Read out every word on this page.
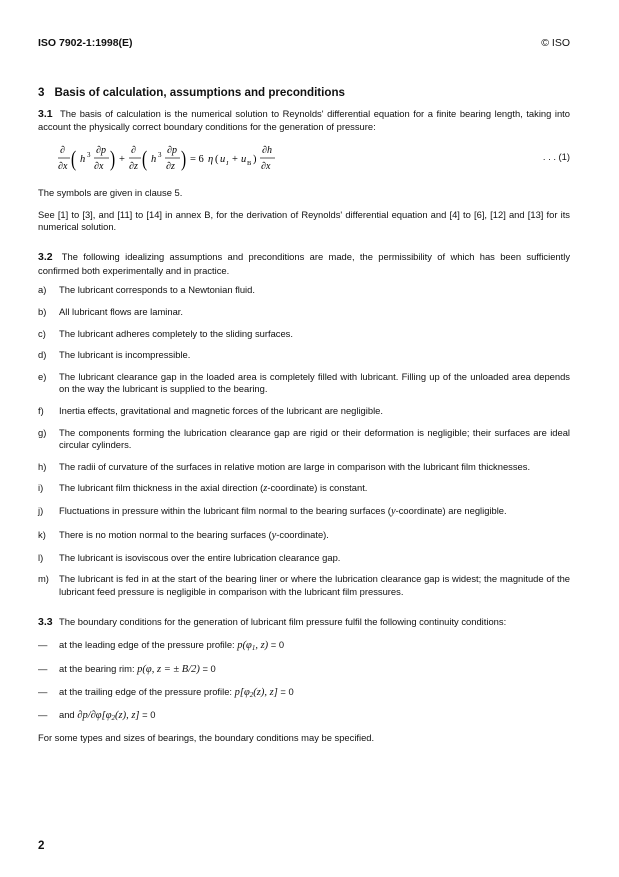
ISO 7902-1:1998(E)	© ISO
3 Basis of calculation, assumptions and preconditions

3.1 The basis of calculation is the numerical solution to Reynolds' differential equation for a finite bearing length, taking into account the physically correct boundary conditions for the generation of pressure:

∂
∂x ( h 3 ∂p
∂x ) +
∂
∂z ( h 3 ∂p
∂z ) = 6 η ( u J + u B )
∂h
∂x
. . . (1)

The symbols are given in clause 5.

See [1] to [3], and [11] to [14] in annex B, for the derivation of Reynolds' differential equation and [4] to [6], [12] and [13] for its numerical solution.

3.2 The following idealizing assumptions and preconditions are made, the permissibility of which has been sufficiently confirmed both experimentally and in practice.

a)	The lubricant corresponds to a Newtonian fluid.
b)	All lubricant flows are laminar.
c)	The lubricant adheres completely to the sliding surfaces.
d)	The lubricant is incompressible.
e)	The lubricant clearance gap in the loaded area is completely filled with lubricant. Filling up of the unloaded area depends on the way the lubricant is supplied to the bearing.
f)	Inertia effects, gravitational and magnetic forces of the lubricant are negligible.
g)	The components forming the lubrication clearance gap are rigid or their deformation is negligible; their surfaces are ideal circular cylinders.
h)	The radii of curvature of the surfaces in relative motion are large in comparison with the lubricant film thicknesses.
i)	The lubricant film thickness in the axial direction (z-coordinate) is constant.
j)	Fluctuations in pressure within the lubricant film normal to the bearing surfaces (y-coordinate) are negligible.
k)	There is no motion normal to the bearing surfaces (y-coordinate).
l)	The lubricant is isoviscous over the entire lubrication clearance gap.
m)	The lubricant is fed in at the start of the bearing liner or where the lubrication clearance gap is widest; the magnitude of the lubricant feed pressure is negligible in comparison with the lubricant film pressures.

3.3 The boundary conditions for the generation of lubricant film pressure fulfil the following continuity conditions:

—	at the leading edge of the pressure profile: $p(\varphi_1$, z) = 0
—	at the bearing rim: p(φ, z = ± B/2) = 0
—	at the trailing edge of the pressure profile: $p[\varphi_2(z)$, z] = 0
—	and $\partial p/\partial\varphi[\varphi_2(z)$, z] = 0

For some types and sizes of bearings, the boundary conditions may be specified.

2
